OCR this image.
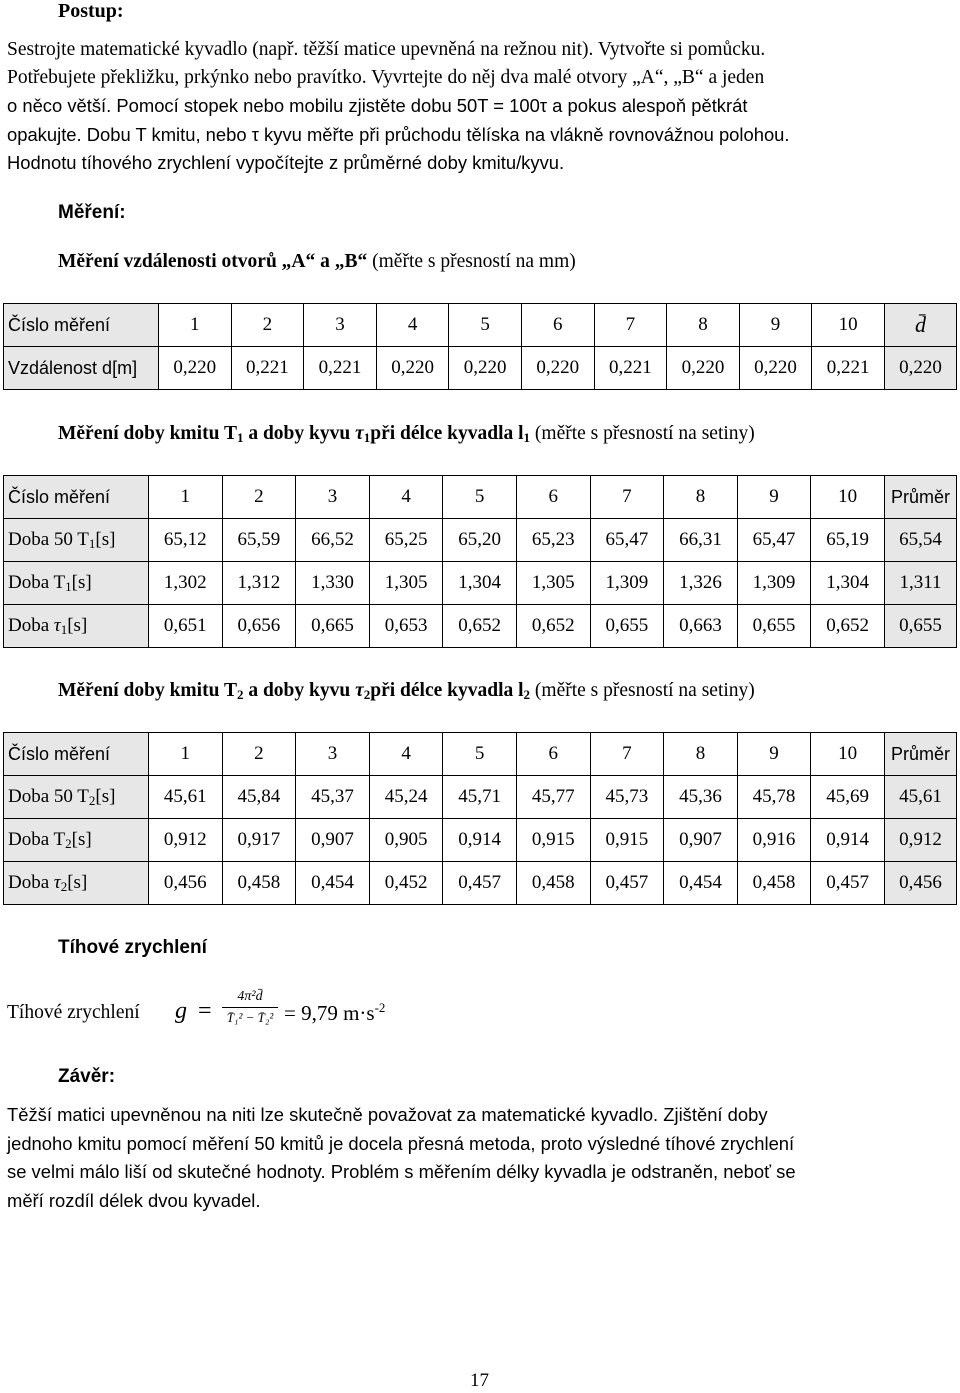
Postup:
Sestrojte matematické kyvadlo (např. těžší matice upevněná na režnou nit). Vytvořte si pomůcku.
Potřebujete překližku, prkýnko nebo pravítko. Vyvrtejte do něj dva malé otvory „A“, „B“ a jeden
o něco větší. Pomocí stopek nebo mobilu zjistěte dobu 50T = 100τ a pokus alespoň pětkrát
opakujte. Dobu T kmitu, nebo τ kyvu měřte při průchodu tělíska na vlákně rovnovážnou polohou.
Hodnotu tíhového zrychlení vypočítejte z průměrné doby kmitu/kyvu.
Měření:
Měření vzdálenosti otvorů „A“ a „B“ (měřte s přesností na mm)
Číslo měření	1	2	3	4	5	6	7	8	9	10	d̄
Vzdálenost d[m]	0,220	0,221	0,221	0,220	0,220	0,220	0,221	0,220	0,220	0,221	0,220
Měření doby kmitu $T_1$ a doby kyvu $\tau_1při$ délce kyvadla $l_1$ (měřte s přesností na setiny)
Číslo měření	1	2	3	4	5	6	7	8	9	10	Průměr
Doba 50 $T_1[s]$	65,12	65,59	66,52	65,25	65,20	65,23	65,47	66,31	65,47	65,19	65,54
Doba $T_1[s]$	1,302	1,312	1,330	1,305	1,304	1,305	1,309	1,326	1,309	1,304	1,311
Doba $\tau_1[s]$	0,651	0,656	0,665	0,653	0,652	0,652	0,655	0,663	0,655	0,652	0,655
Měření doby kmitu $T_2$ a doby kyvu $\tau_2při$ délce kyvadla $l_2$ (měřte s přesností na setiny)
Číslo měření	1	2	3	4	5	6	7	8	9	10	Průměr
Doba 50 $T_2[s]$	45,61	45,84	45,37	45,24	45,71	45,77	45,73	45,36	45,78	45,69	45,61
Doba $T_2[s]$	0,912	0,917	0,907	0,905	0,914	0,915	0,915	0,907	0,916	0,914	0,912
Doba $\tau_2[s]$	0,456	0,458	0,454	0,452	0,457	0,458	0,457	0,454	0,458	0,457	0,456
Tíhové zrychlení
Tíhové zrychlení g =
4π²d̄
T̄₁² − T̄₂² = 9,79 $m\cdot s^{-2}$
Závěr:
Těžší matici upevněnou na niti lze skutečně považovat za matematické kyvadlo. Zjištění doby
jednoho kmitu pomocí měření 50 kmitů je docela přesná metoda, proto výsledné tíhové zrychlení
se velmi málo liší od skutečné hodnoty. Problém s měřením délky kyvadla je odstraněn, neboť se
měří rozdíl délek dvou kyvadel.
17
